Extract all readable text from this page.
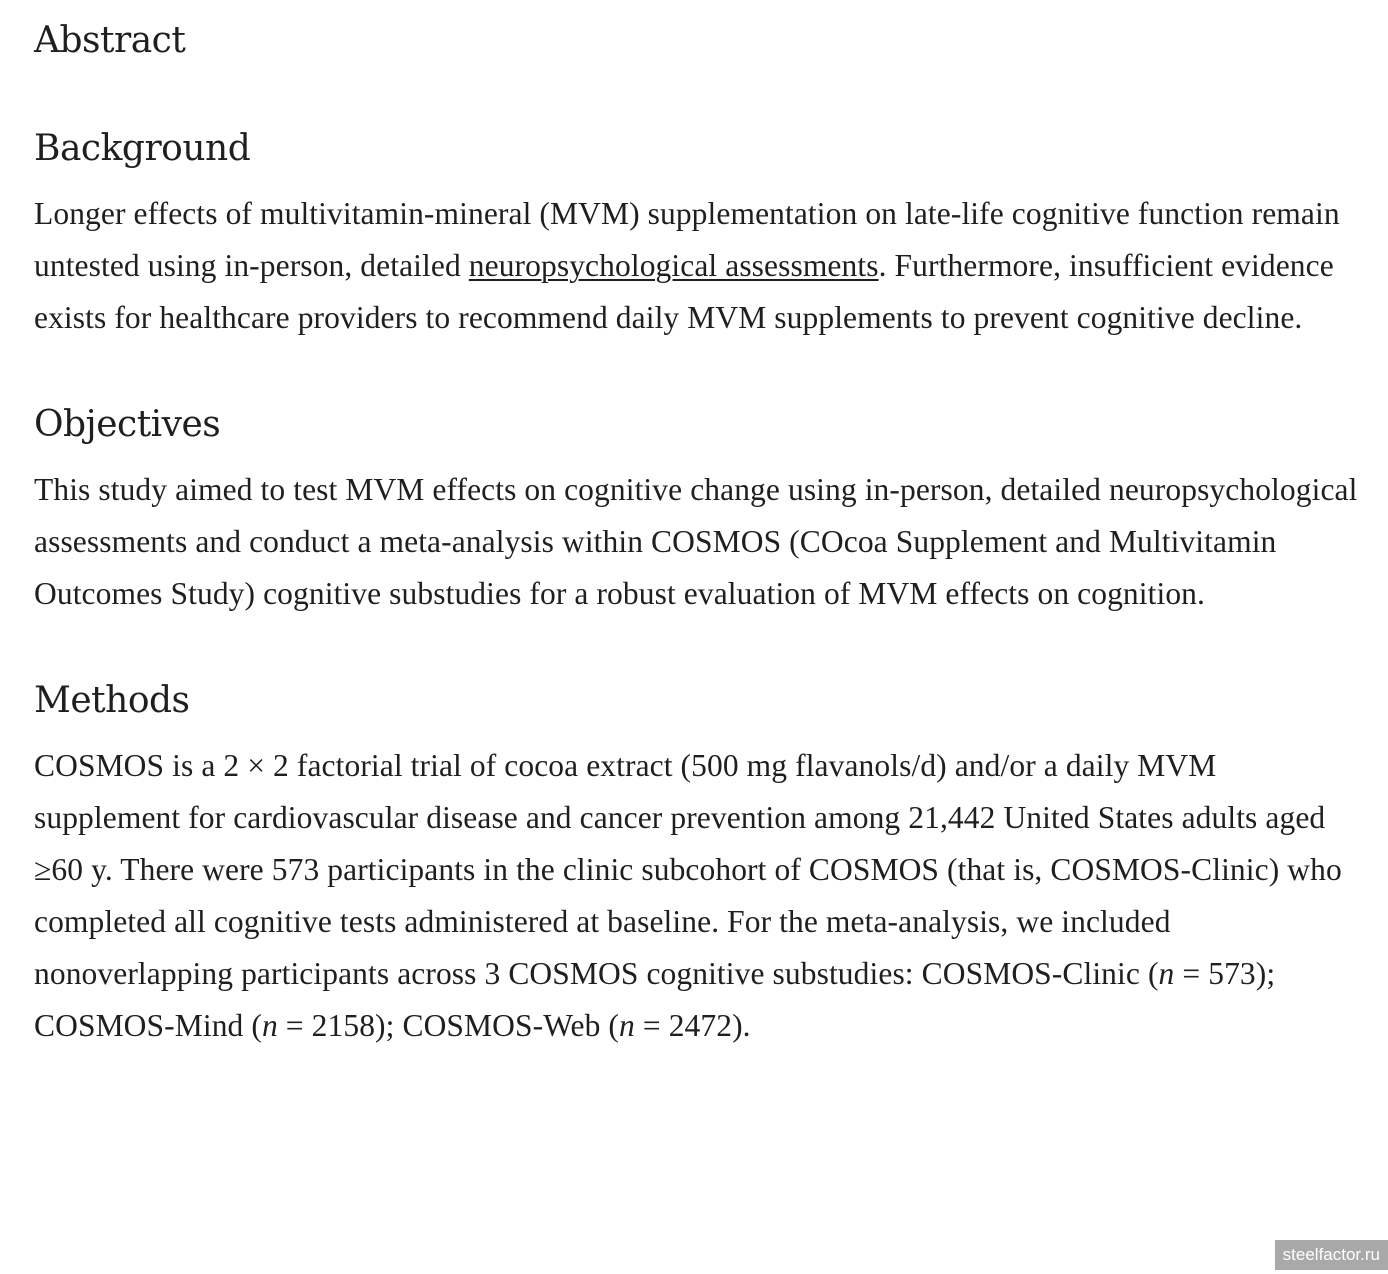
Abstract
Background

Longer effects of multivitamin-mineral (MVM) supplementation on late-life cognitive function remain untested using in-person, detailed neuropsychological assessments. Furthermore, insufficient evidence exists for healthcare providers to recommend daily MVM supplements to prevent cognitive decline.

Objectives

This study aimed to test MVM effects on cognitive change using in-person, detailed neuropsychological assessments and conduct a meta-analysis within COSMOS (COcoa Supplement and Multivitamin Outcomes Study) cognitive substudies for a robust evaluation of MVM effects on cognition.

Methods

COSMOS is a 2 × 2 factorial trial of cocoa extract (500 mg flavanols/d) and/or a daily MVM supplement for cardiovascular disease and cancer prevention among 21,442 United States adults aged ≥60 y. There were 573 participants in the clinic subcohort of COSMOS (that is, COSMOS-Clinic) who completed all cognitive tests administered at baseline. For the meta-analysis, we included nonoverlapping participants across 3 COSMOS cognitive substudies: COSMOS-Clinic (n = 573); COSMOS-Mind (n = 2158); COSMOS-Web (n = 2472).

steelfactor.ru
